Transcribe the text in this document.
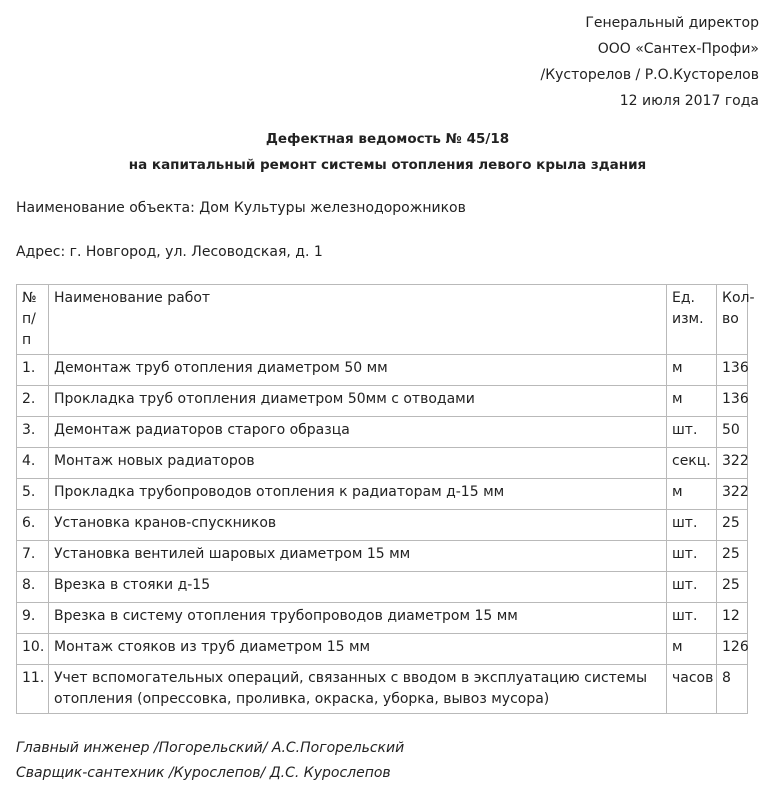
Генеральный директор
ООО «Сантех-Профи»
/Кусторелов / Р.О.Кусторелов
12 июля 2017 года
Дефектная ведомость № 45/18
на капитальный ремонт системы отопления левого крыла здания
Наименование объекта: Дом Культуры железнодорожников
Адрес: г. Новгород, ул. Лесоводская, д. 1
№ п/п	Наименование работ	Ед. изм.	Кол-во
1.	Демонтаж труб отопления диаметром 50 мм	м	136
2.	Прокладка труб отопления диаметром 50мм с отводами	м	136
3.	Демонтаж радиаторов старого образца	шт.	50
4.	Монтаж новых радиаторов	секц.	322
5.	Прокладка трубопроводов отопления к радиаторам д-15 мм	м	322
6.	Установка кранов-спускников	шт.	25
7.	Установка вентилей шаровых диаметром 15 мм	шт.	25
8.	Врезка в стояки д-15	шт.	25
9.	Врезка в систему отопления трубопроводов диаметром 15 мм	шт.	12
10.	Монтаж стояков из труб диаметром 15 мм	м	126
11.	Учет вспомогательных операций, связанных с вводом в эксплуатацию системы отопления (опрессовка, проливка, окраска, уборка, вывоз мусора)	часов	8
Главный инженер /Погорельский/ А.С.Погорельский
Сварщик-сантехник /Курослепов/ Д.С. Курослепов
